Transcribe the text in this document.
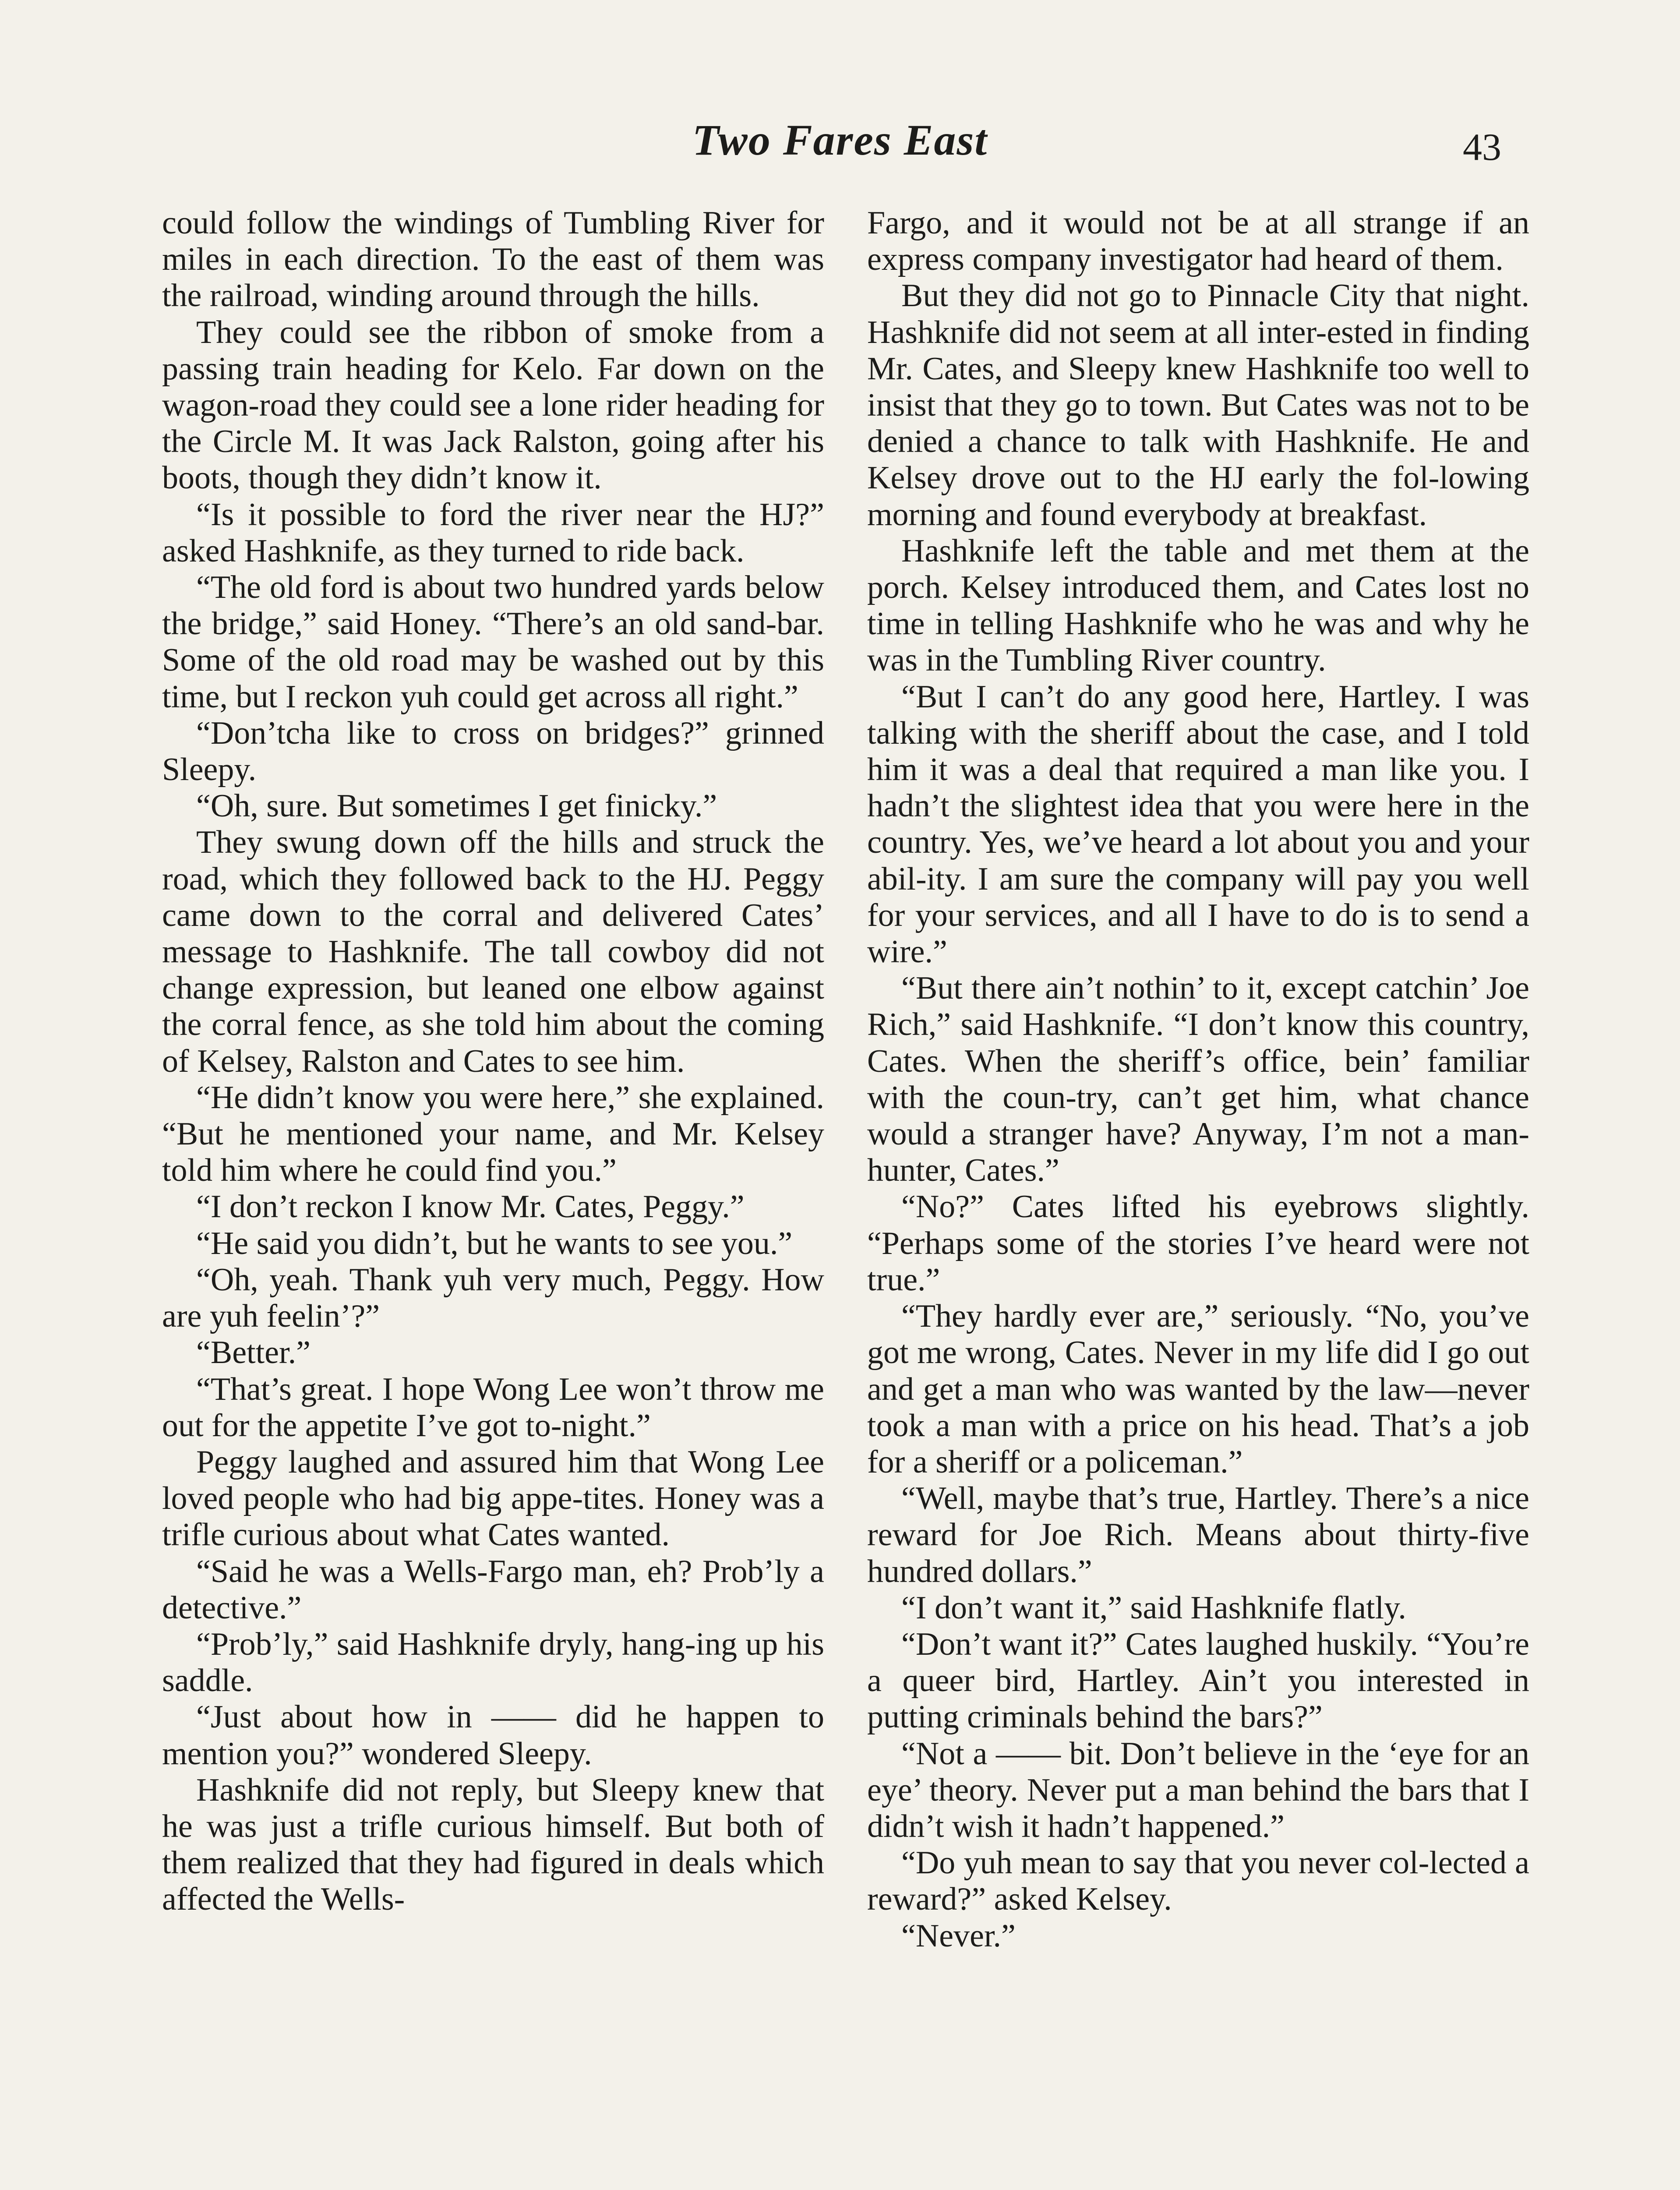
Two Fares East	43

could follow the windings of Tumbling River for miles in each direction. To the east of them was the railroad, winding around through the hills.

They could see the ribbon of smoke from a passing train heading for Kelo. Far down on the wagon-road they could see a lone rider heading for the Circle M. It was Jack Ralston, going after his boots, though they didn’t know it.

“Is it possible to ford the river near the HJ?” asked Hashknife, as they turned to ride back.

“The old ford is about two hundred yards below the bridge,” said Honey. “There’s an old sand-bar. Some of the old road may be washed out by this time, but I reckon yuh could get across all right.”

“Don’tcha like to cross on bridges?” grinned Sleepy.

“Oh, sure. But sometimes I get finicky.”

They swung down off the hills and struck the road, which they followed back to the HJ. Peggy came down to the corral and delivered Cates’ message to Hashknife. The tall cowboy did not change expression, but leaned one elbow against the corral fence, as she told him about the coming of Kelsey, Ralston and Cates to see him.

“He didn’t know you were here,” she explained. “But he mentioned your name, and Mr. Kelsey told him where he could find you.”

“I don’t reckon I know Mr. Cates, Peggy.”

“He said you didn’t, but he wants to see you.”

“Oh, yeah. Thank yuh very much, Peggy. How are yuh feelin’?”

“Better.”

“That’s great. I hope Wong Lee won’t throw me out for the appetite I’ve got to-night.”

Peggy laughed and assured him that Wong Lee loved people who had big appe-tites. Honey was a trifle curious about what Cates wanted.

“Said he was a Wells-Fargo man, eh? Prob’ly a detective.”

“Prob’ly,” said Hashknife dryly, hang-ing up his saddle.

“Just about how in —— did he happen to mention you?” wondered Sleepy.

Hashknife did not reply, but Sleepy knew that he was just a trifle curious himself. But both of them realized that they had figured in deals which affected the Wells-

Fargo, and it would not be at all strange if an express company investigator had heard of them.

But they did not go to Pinnacle City that night. Hashknife did not seem at all inter-ested in finding Mr. Cates, and Sleepy knew Hashknife too well to insist that they go to town. But Cates was not to be denied a chance to talk with Hashknife. He and Kelsey drove out to the HJ early the fol-lowing morning and found everybody at breakfast.

Hashknife left the table and met them at the porch. Kelsey introduced them, and Cates lost no time in telling Hashknife who he was and why he was in the Tumbling River country.

“But I can’t do any good here, Hartley. I was talking with the sheriff about the case, and I told him it was a deal that required a man like you. I hadn’t the slightest idea that you were here in the country. Yes, we’ve heard a lot about you and your abil-ity. I am sure the company will pay you well for your services, and all I have to do is to send a wire.”

“But there ain’t nothin’ to it, except catchin’ Joe Rich,” said Hashknife. “I don’t know this country, Cates. When the sheriff’s office, bein’ familiar with the coun-try, can’t get him, what chance would a stranger have? Anyway, I’m not a man-hunter, Cates.”

“No?” Cates lifted his eyebrows slightly. “Perhaps some of the stories I’ve heard were not true.”

“They hardly ever are,” seriously. “No, you’ve got me wrong, Cates. Never in my life did I go out and get a man who was wanted by the law—never took a man with a price on his head. That’s a job for a sheriff or a policeman.”

“Well, maybe that’s true, Hartley. There’s a nice reward for Joe Rich. Means about thirty-five hundred dollars.”

“I don’t want it,” said Hashknife flatly.

“Don’t want it?” Cates laughed huskily. “You’re a queer bird, Hartley. Ain’t you interested in putting criminals behind the bars?”

“Not a —— bit. Don’t believe in the ‘eye for an eye’ theory. Never put a man behind the bars that I didn’t wish it hadn’t happened.”

“Do yuh mean to say that you never col-lected a reward?” asked Kelsey.

“Never.”
